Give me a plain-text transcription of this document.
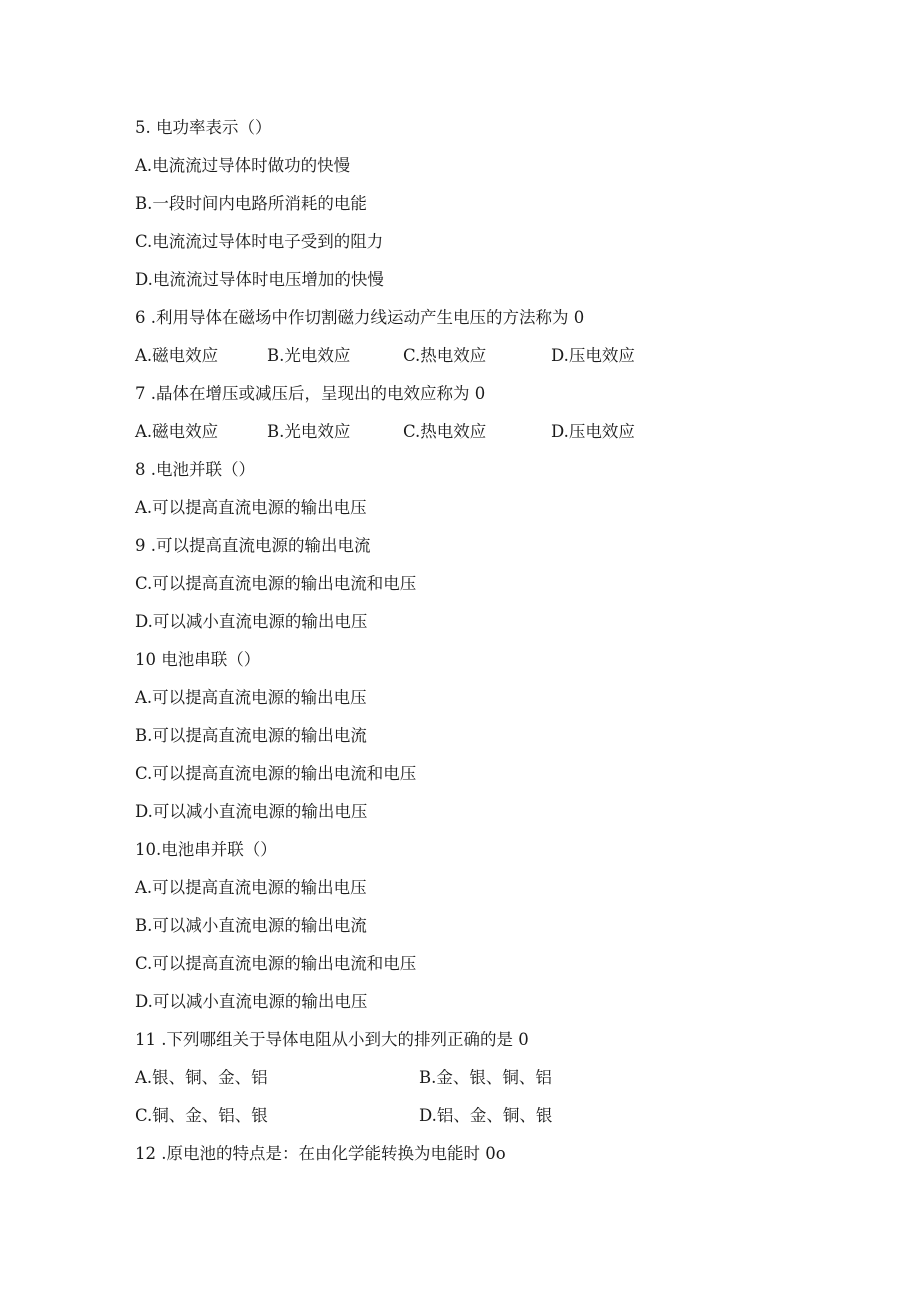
5. 电功率表示（）
A.电流流过导体时做功的快慢
B.一段时间内电路所消耗的电能
C.电流流过导体时电子受到的阻力
D.电流流过导体时电压增加的快慢
6 .利用导体在磁场中作切割磁力线运动产生电压的方法称为 0
A.磁电效应	B.光电效应	C.热电效应	D.压电效应
7 .晶体在增压或减压后，呈现出的电效应称为 0
A.磁电效应	B.光电效应	C.热电效应	D.压电效应
8 .电池并联（）
A.可以提高直流电源的输出电压
9 .可以提高直流电源的输出电流
C.可以提高直流电源的输出电流和电压
D.可以减小直流电源的输出电压
10 电池串联（）
A.可以提高直流电源的输出电压
B.可以提高直流电源的输出电流
C.可以提高直流电源的输出电流和电压
D.可以减小直流电源的输出电压
10.电池串并联（）
A.可以提高直流电源的输出电压
B.可以减小直流电源的输出电流
C.可以提高直流电源的输出电流和电压
D.可以减小直流电源的输出电压
11 .下列哪组关于导体电阻从小到大的排列正确的是 0
A.银、铜、金、铝	B.金、银、铜、铝
C.铜、金、铝、银	D.铝、金、铜、银
12 .原电池的特点是：在由化学能转换为电能时 0o
